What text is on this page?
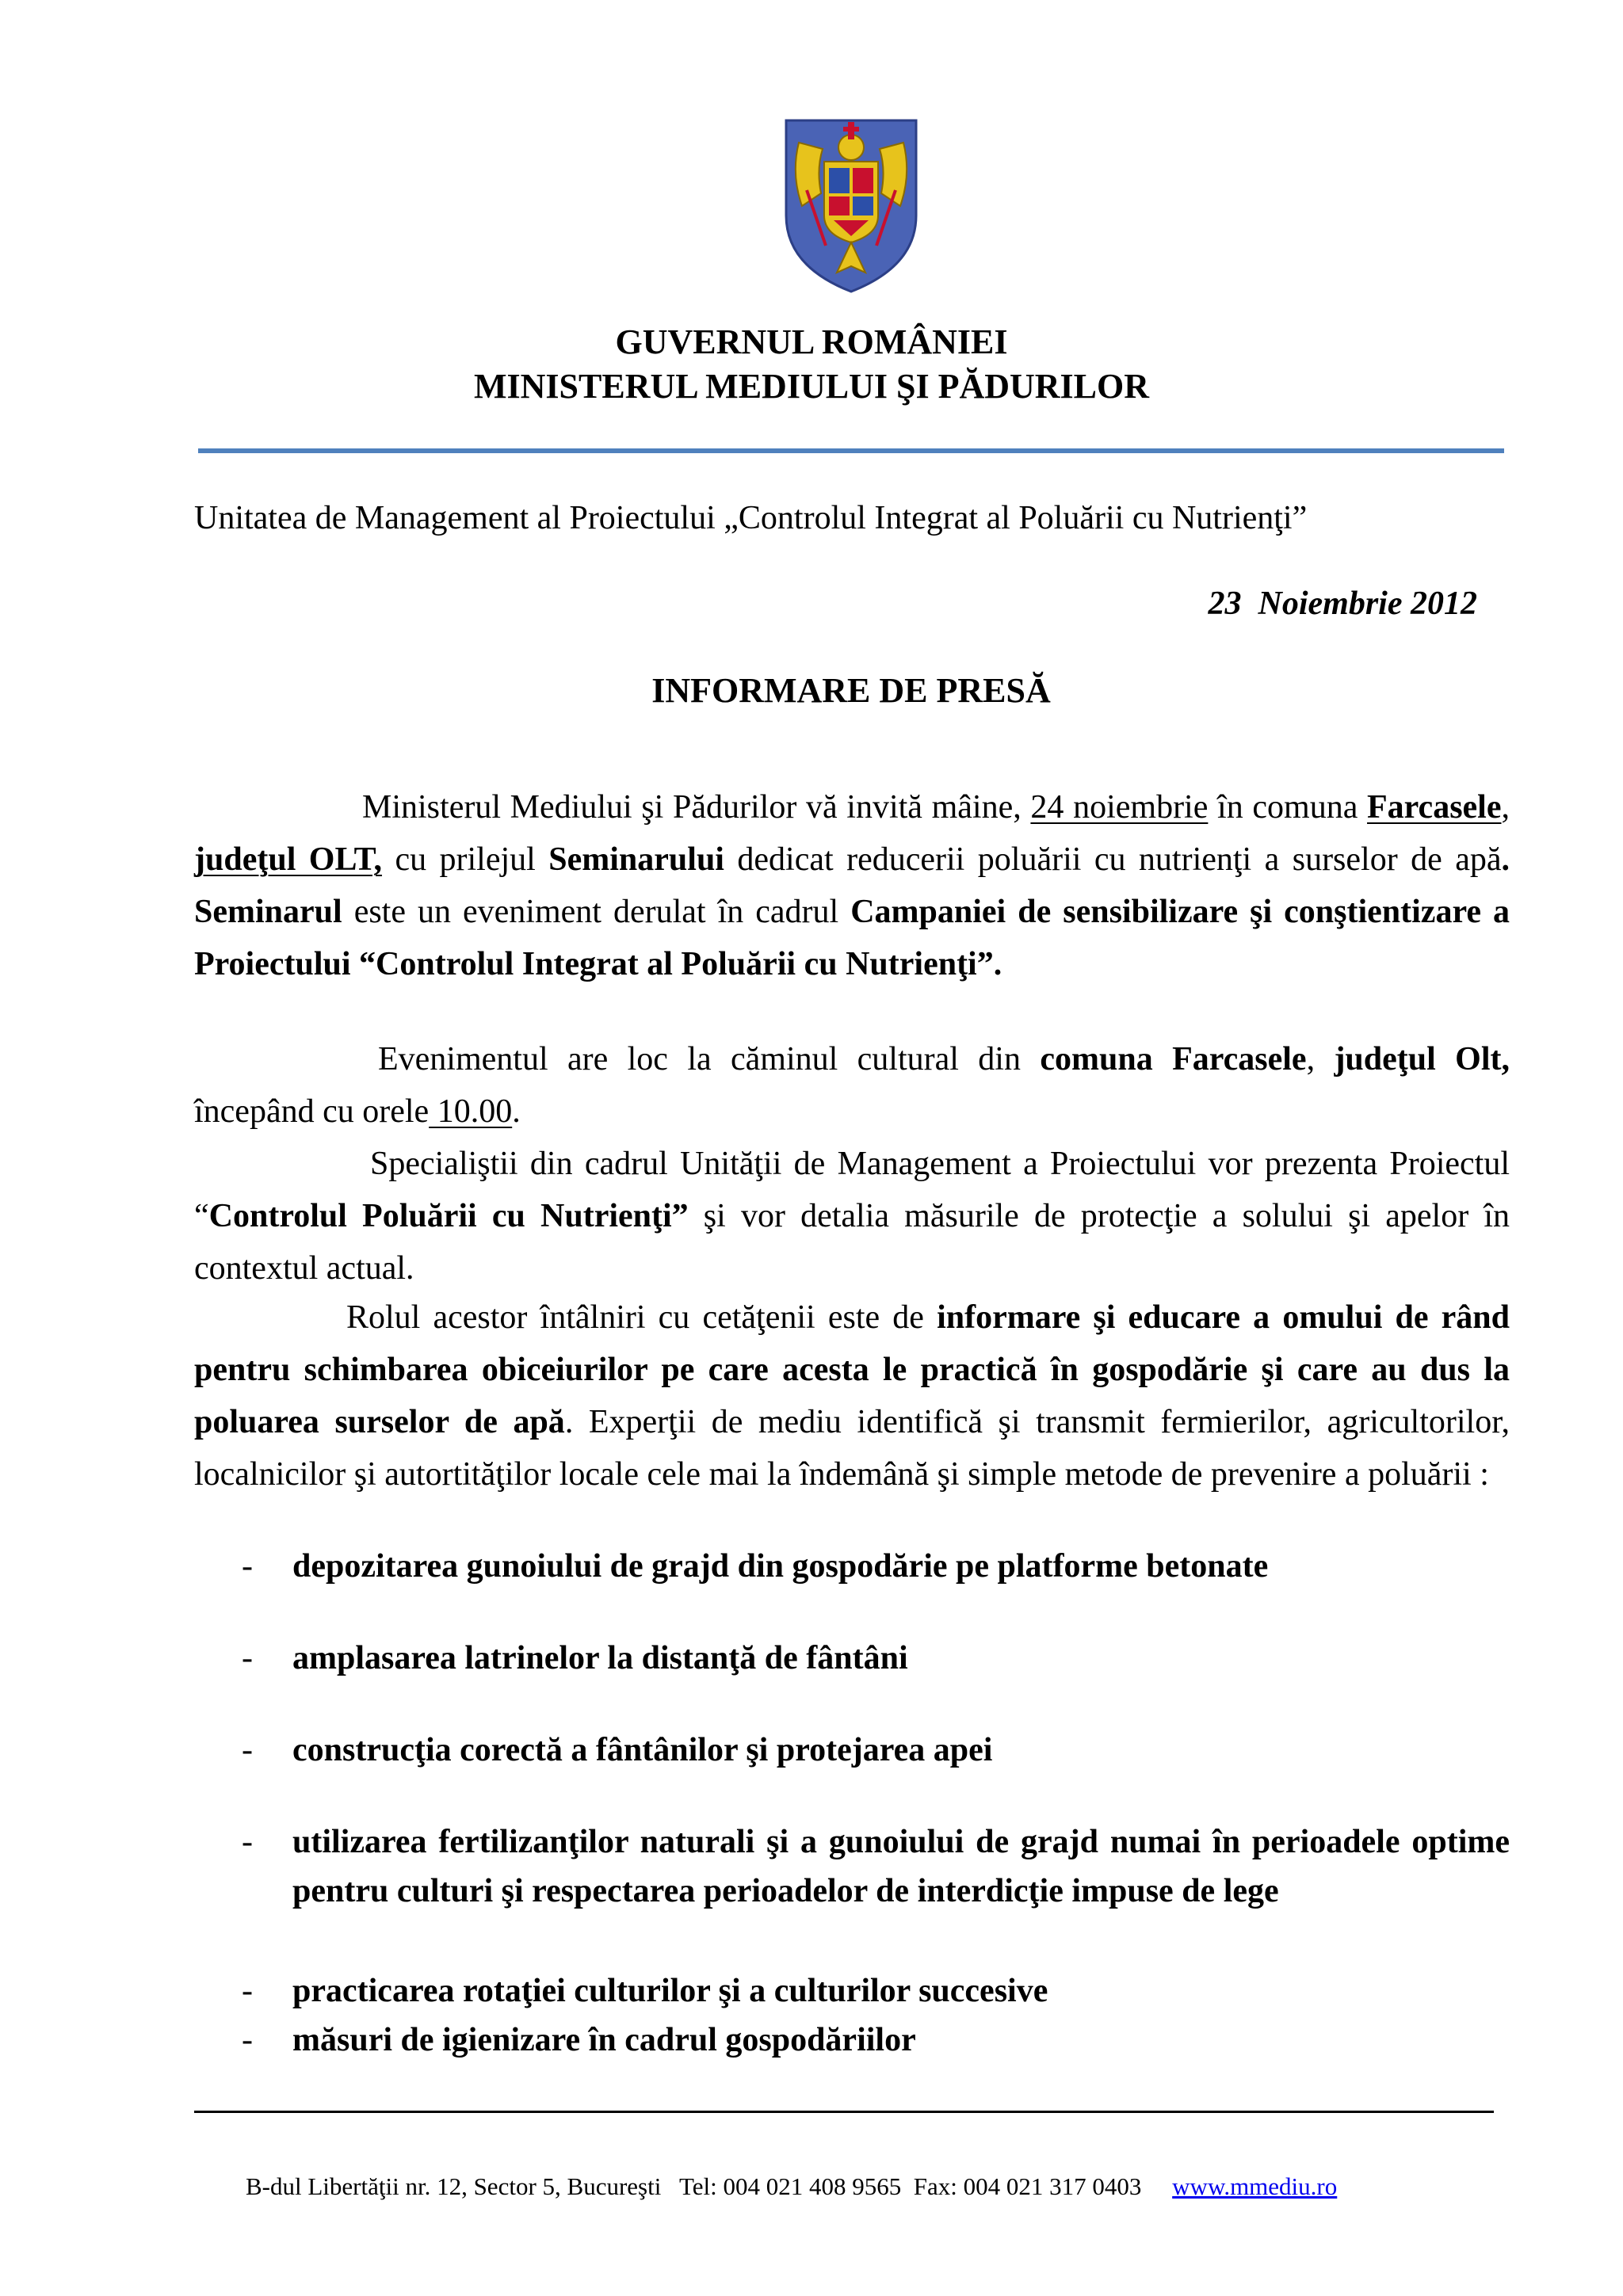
GUVERNUL ROMÂNIEI
MINISTERUL MEDIULUI ŞI PĂDURILOR
Unitatea de Management al Proiectului „Controlul Integrat al Poluării cu Nutrienţi”
23  Noiembrie 2012
INFORMARE DE PRESĂ
Ministerul Mediului şi Pădurilor vă invită mâine, 24 noiembrie în comuna Farcasele, judeţul OLT, cu prilejul Seminarului dedicat reducerii poluării cu nutrienţi a surselor de apă. Seminarul este un eveniment derulat în cadrul Campaniei de sensibilizare şi conştientizare a Proiectului “Controlul Integrat al Poluării cu Nutrienţi”.
Evenimentul are loc la căminul cultural din comuna Farcasele, judeţul Olt, începând cu orele 10.00.
Specialiştii din cadrul Unităţii de Management a Proiectului vor prezenta Proiectul “Controlul Poluării cu Nutrienţi” şi vor detalia măsurile de protecţie a solului şi apelor în contextul actual.
Rolul acestor întâlniri cu cetăţenii este de informare şi educare a omului de rând pentru schimbarea obiceiurilor pe care acesta le practică în gospodărie şi care au dus la poluarea surselor de apă. Experţii de mediu identifică şi transmit fermierilor, agricultorilor, localnicilor şi autortităţilor locale cele mai la îndemână şi simple metode de prevenire a poluării :
- depozitarea gunoiului de grajd din gospodărie pe platforme betonate
- amplasarea latrinelor la distanţă de fântâni
- construcţia corectă a fântânilor şi protejarea apei
- utilizarea fertilizanţilor naturali şi a gunoiului de grajd numai în perioadele optime pentru culturi şi respectarea perioadelor de interdicţie impuse de lege
- practicarea rotaţiei culturilor şi a culturilor succesive
- măsuri de igienizare în cadrul gospodăriilor
B-dul Libertăţii nr. 12, Sector 5, Bucureşti Tel: 004 021 408 9565 Fax: 004 021 317 0403 www.mmediu.ro
